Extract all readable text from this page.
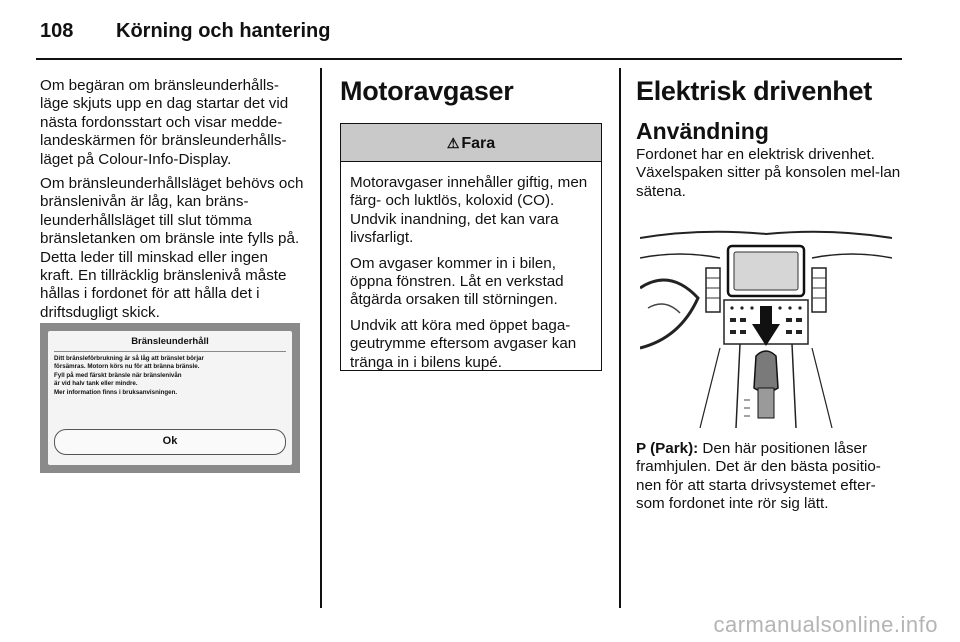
108 Körning och hantering

Om begäran om bränsleunderhålls-läge skjuts upp en dag startar det vid nästa fordonsstart och visar medde-landeskärmen för bränsleunderhålls-läget på Colour-Info-Display.

Om bränsleunderhållsläget behövs och bränslenivån är låg, kan bräns-leunderhållsläget till slut tömma bränsletanken om bränsle inte fylls på. Detta leder till minskad eller ingen kraft. En tillräcklig bränslenivå måste hållas i fordonet för att hålla det i driftsdugligt skick.

Bränsleunderhåll
Ditt bränsleförbrukning är så låg att bränslet börjar
försämras. Motorn körs nu för att bränna bränsle.
Fyll på med färskt bränsle när bränslenivån
är vid halv tank eller mindre.
Mer information finns i bruksanvisningen.
Ok
Motoravgaser
⚠ Fara

Motoravgaser innehåller giftig, men färg- och luktlös, koloxid (CO). Undvik inandning, det kan vara livsfarligt.

Om avgaser kommer in i bilen, öppna fönstren. Låt en verkstad åtgärda orsaken till störningen.

Undvik att köra med öppet baga-geutrymme eftersom avgaser kan tränga in i bilens kupé.

Elektrisk drivenhet
Användning
Fordonet har en elektrisk drivenhet. Växelspaken sitter på konsolen mel-lan sätena.
P (Park): Den här positionen låser framhjulen. Det är den bästa positio-nen för att starta drivsystemet efter-som fordonet inte rör sig lätt.
carmanualsonline.info
